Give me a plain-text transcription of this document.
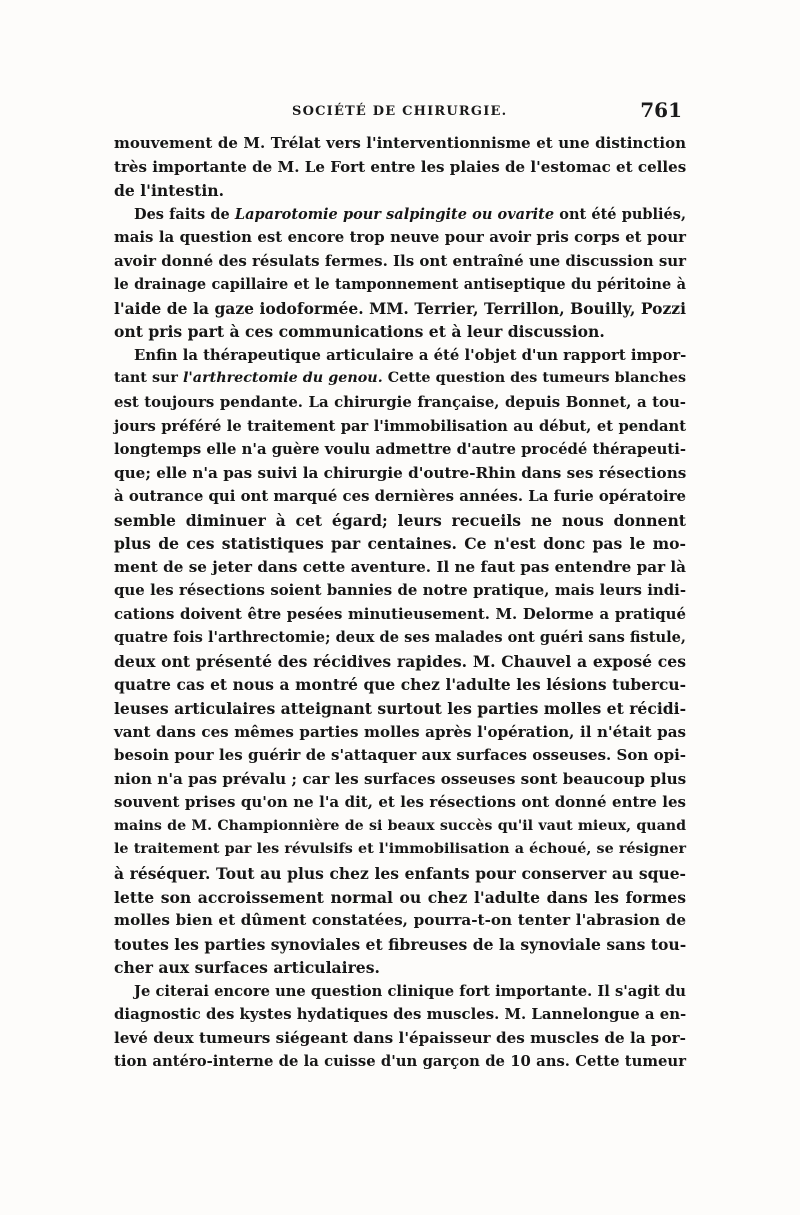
SOCIÉTÉ DE CHIRURGIE.	761
mouvement de M. Trélat vers l'interventionnisme et une distinction
très importante de M. Le Fort entre les plaies de l'estomac et celles
de l'intestin.
Des faits de Laparotomie pour salpingite ou ovarite ont été publiés,
mais la question est encore trop neuve pour avoir pris corps et pour
avoir donné des résulats fermes. Ils ont entraîné une discussion sur
le drainage capillaire et le tamponnement antiseptique du péritoine à
l'aide de la gaze iodoformée. MM. Terrier, Terrillon, Bouilly, Pozzi
ont pris part à ces communications et à leur discussion.
Enfin la thérapeutique articulaire a été l'objet d'un rapport impor-
tant sur l'arthrectomie du genou. Cette question des tumeurs blanches
est toujours pendante. La chirurgie française, depuis Bonnet, a tou-
jours préféré le traitement par l'immobilisation au début, et pendant
longtemps elle n'a guère voulu admettre d'autre procédé thérapeuti-
que; elle n'a pas suivi la chirurgie d'outre-Rhin dans ses résections
à outrance qui ont marqué ces dernières années. La furie opératoire
semble diminuer à cet égard; leurs recueils ne nous donnent
plus de ces statistiques par centaines. Ce n'est donc pas le mo-
ment de se jeter dans cette aventure. Il ne faut pas entendre par là
que les résections soient bannies de notre pratique, mais leurs indi-
cations doivent être pesées minutieusement. M. Delorme a pratiqué
quatre fois l'arthrectomie; deux de ses malades ont guéri sans fistule,
deux ont présenté des récidives rapides. M. Chauvel a exposé ces
quatre cas et nous a montré que chez l'adulte les lésions tubercu-
leuses articulaires atteignant surtout les parties molles et récidi-
vant dans ces mêmes parties molles après l'opération, il n'était pas
besoin pour les guérir de s'attaquer aux surfaces osseuses. Son opi-
nion n'a pas prévalu ; car les surfaces osseuses sont beaucoup plus
souvent prises qu'on ne l'a dit, et les résections ont donné entre les
mains de M. Championnière de si beaux succès qu'il vaut mieux, quand
le traitement par les révulsifs et l'immobilisation a échoué, se résigner
à réséquer. Tout au plus chez les enfants pour conserver au sque-
lette son accroissement normal ou chez l'adulte dans les formes
molles bien et dûment constatées, pourra-t-on tenter l'abrasion de
toutes les parties synoviales et fibreuses de la synoviale sans tou-
cher aux surfaces articulaires.
Je citerai encore une question clinique fort importante. Il s'agit du
diagnostic des kystes hydatiques des muscles. M. Lannelongue a en-
levé deux tumeurs siégeant dans l'épaisseur des muscles de la por-
tion antéro-interne de la cuisse d'un garçon de 10 ans. Cette tumeur
